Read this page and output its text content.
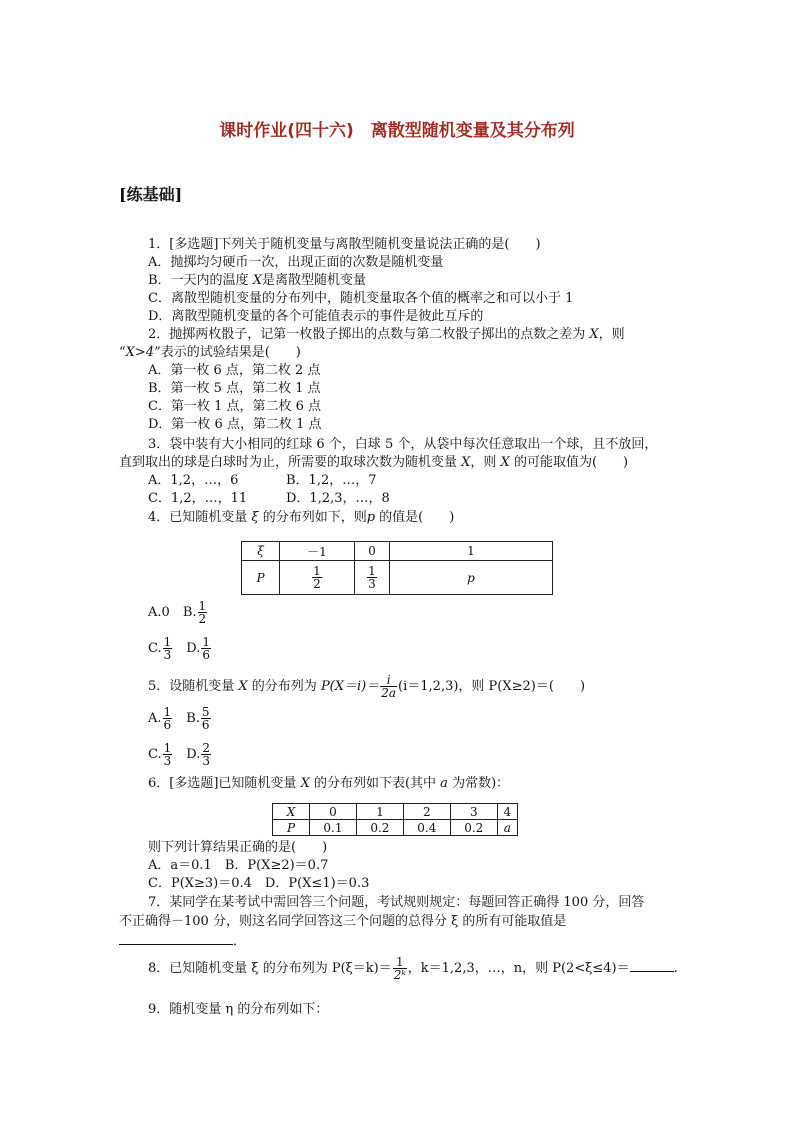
课时作业(四十六)　离散型随机变量及其分布列
[练基础]
1．[多选题]下列关于随机变量与离散型随机变量说法正确的是(　　)
A．抛掷均匀硬币一次，出现正面的次数是随机变量
B．一天内的温度 X是离散型随机变量
C．离散型随机变量的分布列中，随机变量取各个值的概率之和可以小于 1
D．离散型随机变量的各个可能值表示的事件是彼此互斥的
2．抛掷两枚骰子，记第一枚骰子掷出的点数与第二枚骰子掷出的点数之差为 X，则
“X>4”表示的试验结果是(　　)
A．第一枚 6 点，第二枚 2 点
B．第一枚 5 点，第二枚 1 点
C．第一枚 1 点，第二枚 6 点
D．第一枚 6 点，第二枚 1 点
3．袋中装有大小相同的红球 6 个，白球 5 个，从袋中每次任意取出一个球，且不放回，
直到取出的球是白球时为止，所需要的取球次数为随机变量 X，则 X 的可能取值为(　　)
A．1,2，…，6	B．1,2，…，7
C．1,2，…，11	D．1,2,3，…，8
4．已知随机变量 ξ 的分布列如下，则p 的值是(　　)
ξ	－1	0	1
P	$\frac{1}{2}$	$\frac{1}{3}$	p
A.0　 B. $\frac{1}{2}$
C. $\frac{1}{3}$
　 D. $\frac{1}{6}$
5．设随机变量 X 的分布列为 $P(X=i)= \frac{i}{2a} (i=1,2,3)$，则 P(X≥2)＝(　　)
A. $\frac{1}{6}$
　 B. $\frac{5}{6}$
C. $\frac{1}{3}$
　 D. $\frac{2}{3}$
6．[多选题]已知随机变量 X 的分布列如下表(其中 a 为常数)：
X	0	1	2	3	4
P	0.1	0.2	0.4	0.2	a
则下列计算结果正确的是(　　)
A．a＝0.1　B．P(X≥2)＝0.7
C．P(X≥3)＝0.4　D．P(X≤1)＝0.3
7．某同学在某考试中需回答三个问题，考试规则规定：每题回答正确得 100 分，回答
不正确得－100 分，则这名同学回答这三个问题的总得分 ξ 的所有可能取值是
．
8．已知随机变量 ξ 的分布列为 $P(\xi=k)= \frac{1}{\text{2ᵏ}}$ ，k＝1,2,3，…，n，则 P(2<ξ≤4)＝	.
9．随机变量 η 的分布列如下：
